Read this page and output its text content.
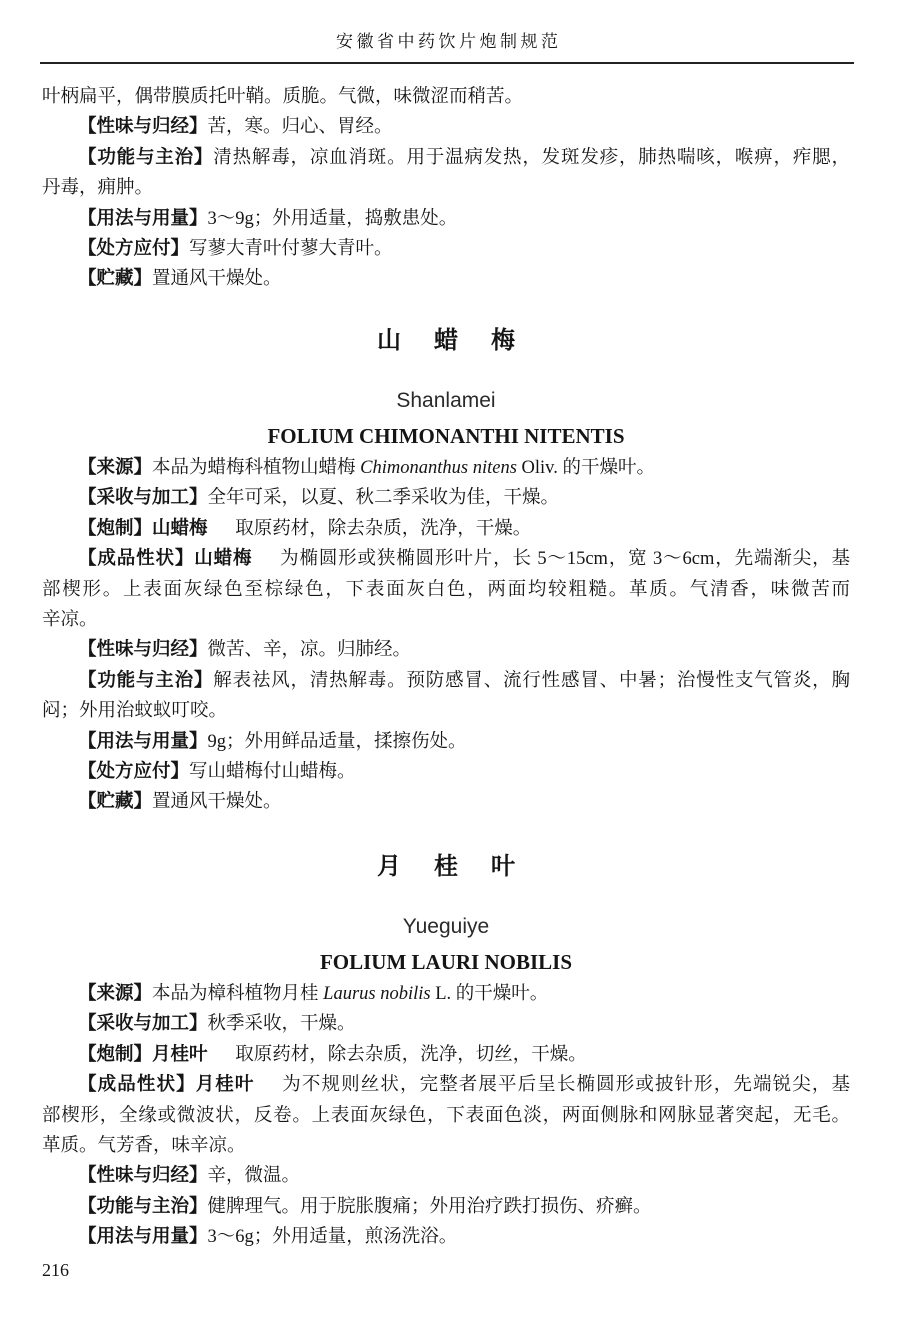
安徽省中药饮片炮制规范
叶柄扁平，偶带膜质托叶鞘。质脆。气微，味微涩而稍苦。
【性味与归经】苦，寒。归心、胃经。
【功能与主治】清热解毒，凉血消斑。用于温病发热，发斑发疹，肺热喘咳，喉痹，痄腮，
丹毒，痈肿。
【用法与用量】3～9g；外用适量，捣敷患处。
【处方应付】写蓼大青叶付蓼大青叶。
【贮藏】置通风干燥处。
山蜡梅
Shanlamei
FOLIUM CHIMONANTHI NITENTIS
【来源】本品为蜡梅科植物山蜡梅 Chimonanthus nitens Oliv. 的干燥叶。
【采收与加工】全年可采，以夏、秋二季采收为佳，干燥。
【炮制】山蜡梅 取原药材，除去杂质，洗净，干燥。
【成品性状】山蜡梅 为椭圆形或狭椭圆形叶片，长 5～15cm，宽 3～6cm，先端渐尖，基
部楔形。上表面灰绿色至棕绿色，下表面灰白色，两面均较粗糙。革质。气清香，味微苦而
辛凉。
【性味与归经】微苦、辛，凉。归肺经。
【功能与主治】解表祛风，清热解毒。预防感冒、流行性感冒、中暑；治慢性支气管炎，胸
闷；外用治蚊蚁叮咬。
【用法与用量】9g；外用鲜品适量，揉擦伤处。
【处方应付】写山蜡梅付山蜡梅。
【贮藏】置通风干燥处。
月桂叶
Yueguiye
FOLIUM LAURI NOBILIS
【来源】本品为樟科植物月桂 Laurus nobilis L. 的干燥叶。
【采收与加工】秋季采收，干燥。
【炮制】月桂叶 取原药材，除去杂质，洗净，切丝，干燥。
【成品性状】月桂叶 为不规则丝状，完整者展平后呈长椭圆形或披针形，先端锐尖，基
部楔形，全缘或微波状，反卷。上表面灰绿色，下表面色淡，两面侧脉和网脉显著突起，无毛。
革质。气芳香，味辛凉。
【性味与归经】辛，微温。
【功能与主治】健脾理气。用于脘胀腹痛；外用治疗跌打损伤、疥癣。
【用法与用量】3～6g；外用适量，煎汤洗浴。
216
